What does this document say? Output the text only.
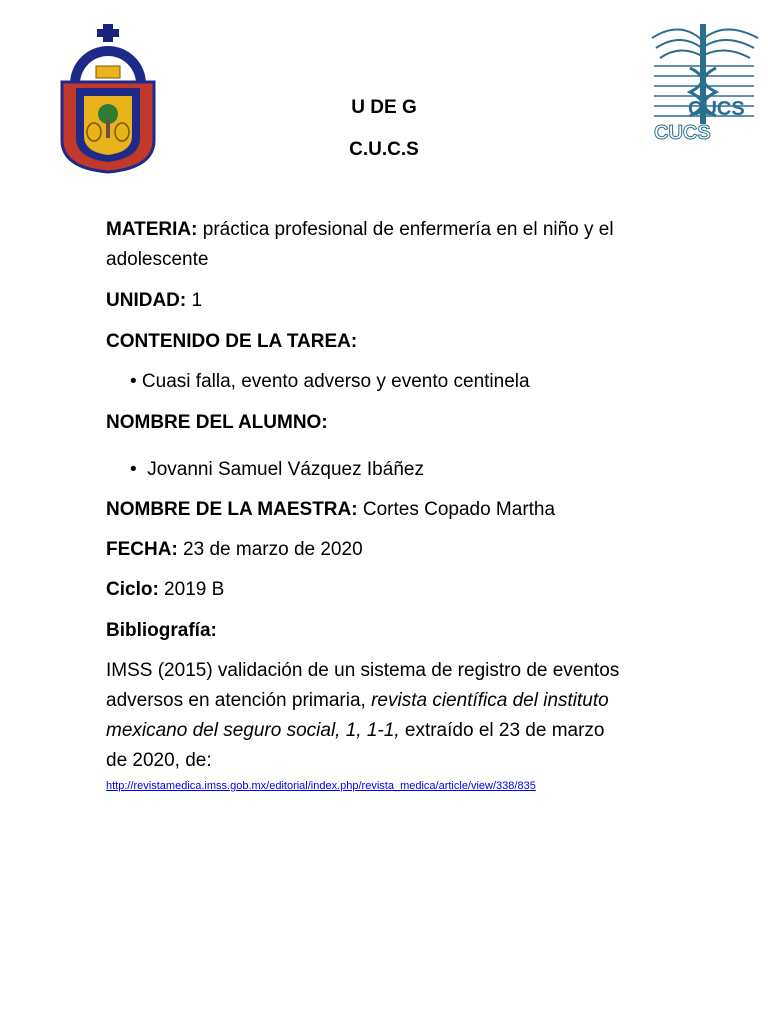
CUCS
CUCS
U DE G
C.U.C.S
MATERIA: práctica profesional de enfermería en el niño y el
adolescente
UNIDAD: 1
CONTENIDO DE LA TAREA:
• Cuasi falla, evento adverso y evento centinela
NOMBRE DEL ALUMNO:
•  Jovanni Samuel Vázquez Ibáñez
NOMBRE DE LA MAESTRA: Cortes Copado Martha
FECHA: 23 de marzo de 2020
Ciclo: 2019 B
Bibliografía:
IMSS (2015) validación de un sistema de registro de eventos
adversos en atención primaria, revista científica del instituto
mexicano del seguro social, 1, 1-1, extraído el 23 de marzo
de 2020, de:
http://revistamedica.imss.gob.mx/editorial/index.php/revista_medica/article/view/338/835
